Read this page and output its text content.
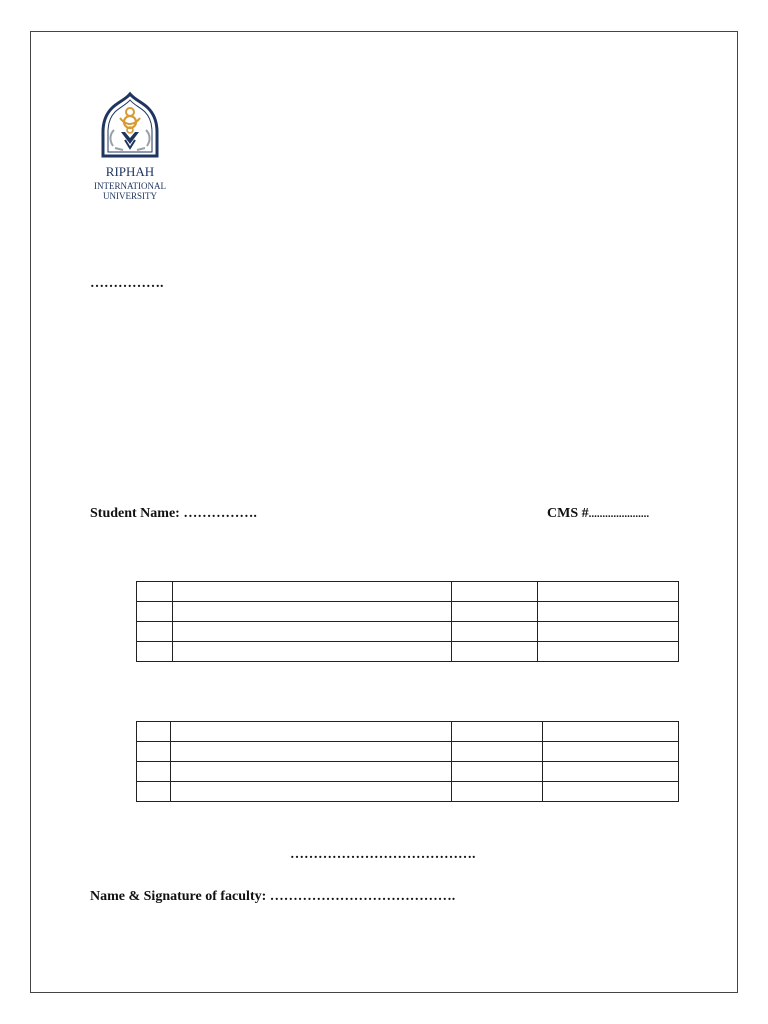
RIPHAH
INTERNATIONAL
UNIVERSITY
…………….
Student Name: …………….	CMS #......................

………………………………….
Name & Signature of faculty: ………………………………….
